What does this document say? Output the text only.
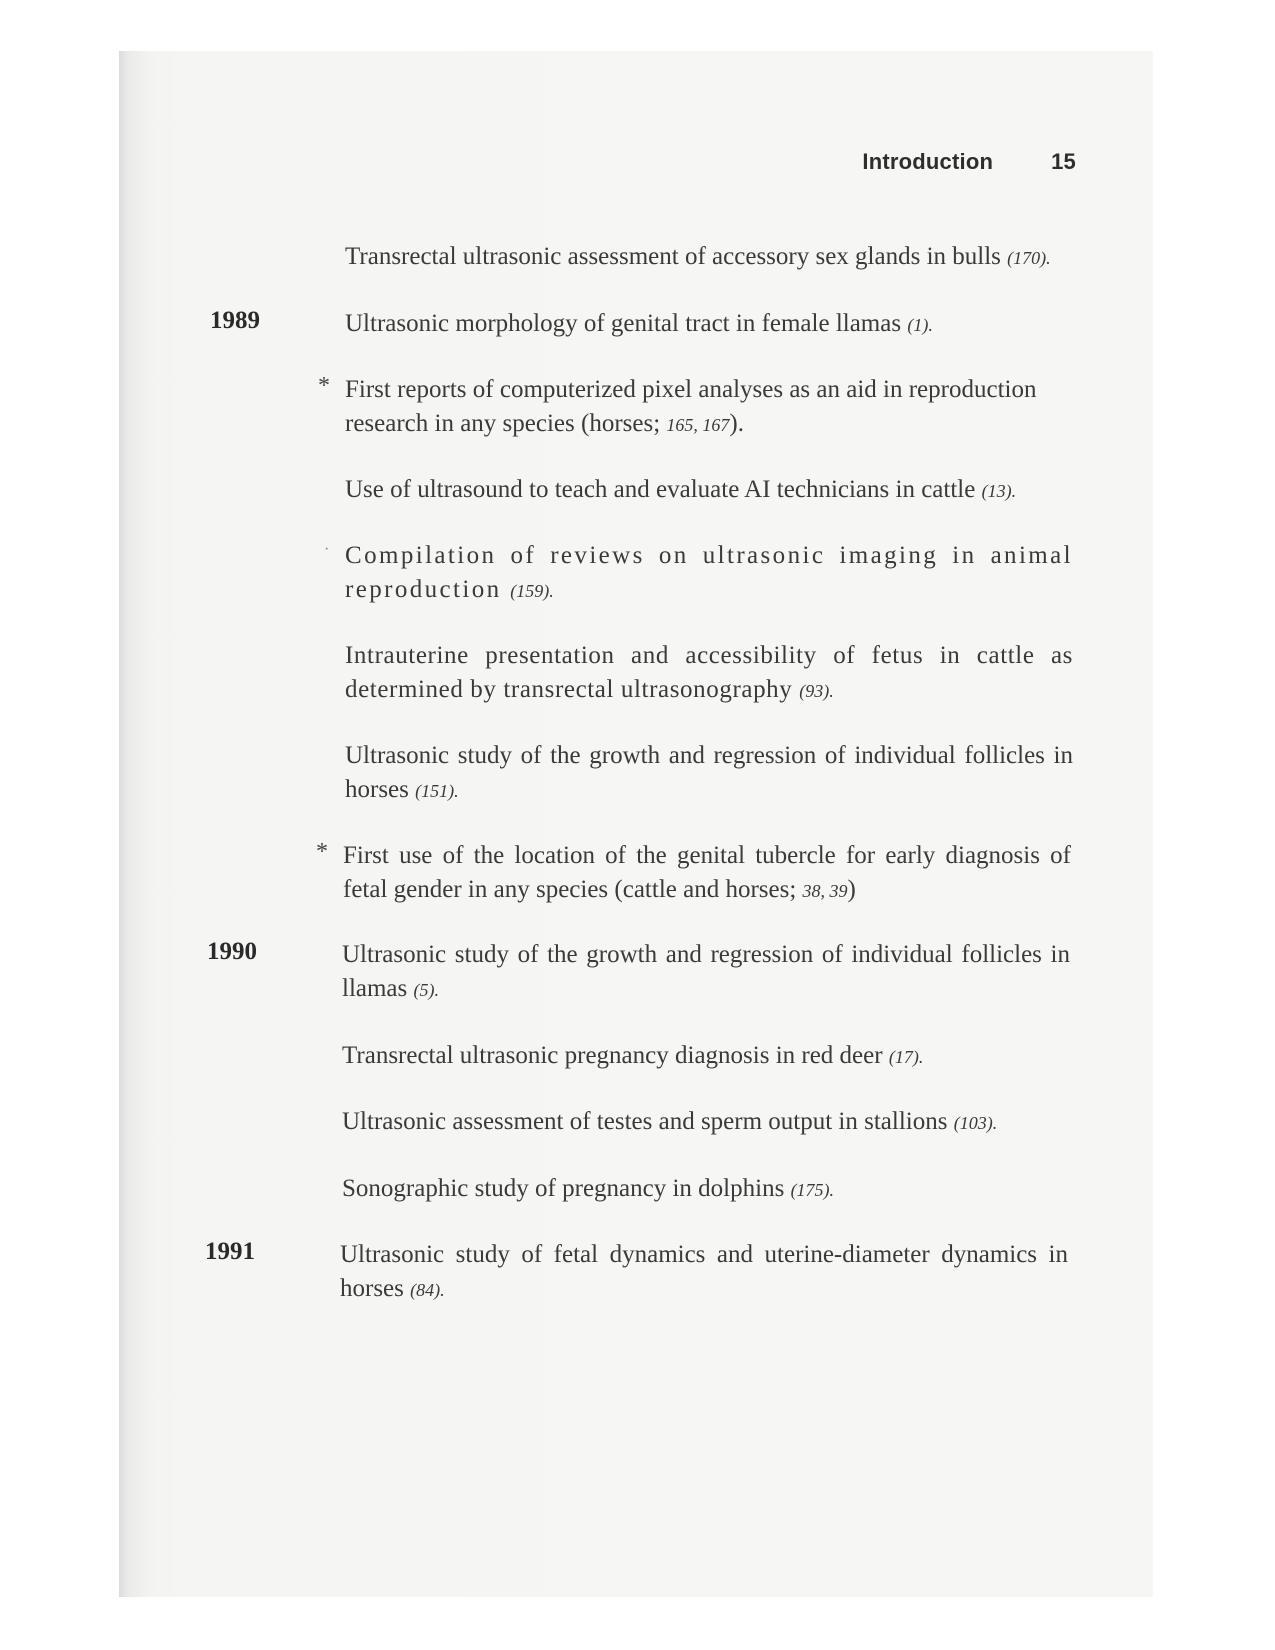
Introduction	15
Transrectal ultrasonic assessment of accessory sex glands in bulls (170).
1989	Ultrasonic morphology of genital tract in female llamas (1).
* First reports of computerized pixel analyses as an aid in reproduction research in any species (horses; 165, 167).
Use of ultrasound to teach and evaluate AI technicians in cattle (13).
· Compilation of reviews on ultrasonic imaging in animal reproduction (159).
Intrauterine presentation and accessibility of fetus in cattle as determined by transrectal ultrasonography (93).
Ultrasonic study of the growth and regression of individual follicles in horses (151).
* First use of the location of the genital tubercle for early diagnosis of fetal gender in any species (cattle and horses; 38, 39)
1990	Ultrasonic study of the growth and regression of individual follicles in llamas (5).
Transrectal ultrasonic pregnancy diagnosis in red deer (17).
Ultrasonic assessment of testes and sperm output in stallions (103).
Sonographic study of pregnancy in dolphins (175).
1991	Ultrasonic study of fetal dynamics and uterine-diameter dynamics in horses (84).
